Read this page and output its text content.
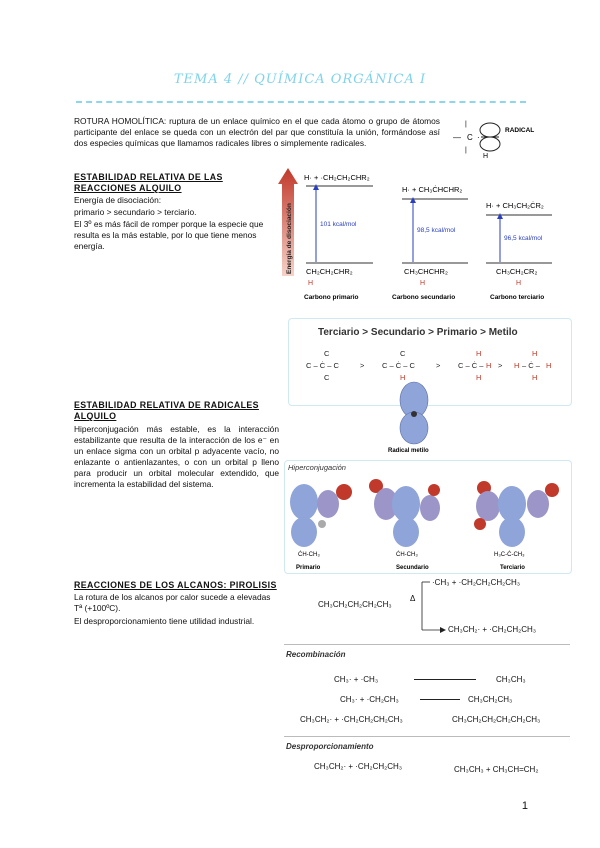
TEMA 4 // QUÍMICA ORGÁNICA I
ROTURA HOMOLÍTICA: ruptura de un enlace químico en el que cada átomo o grupo de átomos participante del enlace se queda con un electrón del par que constituía la unión, formándose así dos especies químicas que llamamos radicales libres o simplemente radicales.
— C ·
|
|
RADICAL
H
ESTABILIDAD RELATIVA DE LAS REACCIONES ALQUILO
Energía de disociación:
primario > secundario > terciario.
El 3º es más fácil de romper porque la especie que resulta es la más estable, por lo que tiene menos energía.	Energía de disociación
H· + ·CH₂CH₂CHR₂
101 kcal/mol
CH₂CH₂CHR₂
H
Carbono primario
H· + CH₃ĊHCHR₂
98,5 kcal/mol
CH₃CHCHR₂
H
Carbono secundario
H· + CH₃CH₂ĊR₂
96,5 kcal/mol
CH₃CH₂CR₂
H
Carbono terciario
Terciario > Secundario > Primario > Metilo
C – Ċ – C
C
C
> C – Ċ – C
C
H
> C – Ċ – H
H
H
> H – Ċ – H
H
H
Radical metilo
ESTABILIDAD RELATIVA DE RADICALES ALQUILO
Hiperconjugación más estable, es la interacción estabilizante que resulta de la interacción de los e⁻ en un enlace sigma con un orbital p adyacente vacío, no enlazante o antienlazantes, o con un orbital p lleno para producir un orbital molecular extendido, que incrementa la estabilidad del sistema.
Hiperconjugación
ĊH-CH₃
Primario
ĊH-CH₃
Secundario
H₃C-Ċ-CH₃
Terciario
REACCIONES DE LOS ALCANOS: PIROLISIS
La rotura de los alcanos por calor sucede a elevadas Tª (+100ºC).
El desproporcionamiento tiene utilidad industrial.
CH₃CH₂CH₂CH₂CH₃
Δ
·CH₃ + ·CH₂CH₂CH₂CH₃
CH₃CH₂· + ·CH₂CH₂CH₃
Recombinación
CH₃· + ·CH₃	CH₃CH₃
CH₃· + ·CH₂CH₃	CH₃CH₂CH₃
CH₃CH₂· + ·CH₂CH₂CH₂CH₃	CH₃CH₂CH₂CH₂CH₂CH₃
Desproporcionamiento
CH₃CH₂· + ·CH₂CH₂CH₃	CH₃CH₃ + CH₃CH=CH₂
1
